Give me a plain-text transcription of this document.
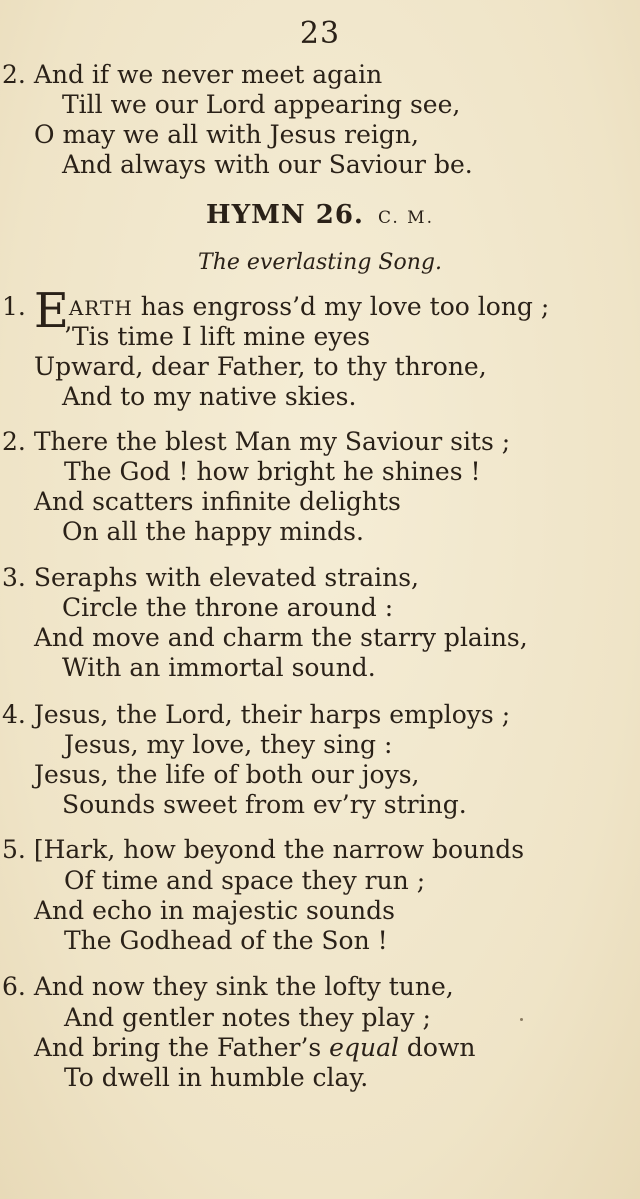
23
2. And if we never meet again
Till we our Lord appearing see,
O may we all with Jesus reign,
And always with our Saviour be.
HYMN 26. C. M.
The everlasting Song.
1. EARTH has engross’d my love too long ;
’Tis time I lift mine eyes
Upward, dear Father, to thy throne,
And to my native skies.
2. There the blest Man my Saviour sits ;
The God ! how bright he shines !
And scatters infinite delights
On all the happy minds.
3. Seraphs with elevated strains,
Circle the throne around :
And move and charm the starry plains,
With an immortal sound.
4. Jesus, the Lord, their harps employs ;
Jesus, my love, they sing :
Jesus, the life of both our joys,
Sounds sweet from ev’ry string.
5. [Hark, how beyond the narrow bounds
Of time and space they run ;
And echo in majestic sounds
The Godhead of the Son !
6. And now they sink the lofty tune,
And gentler notes they play ;
And bring the Father’s equal down
To dwell in humble clay.
